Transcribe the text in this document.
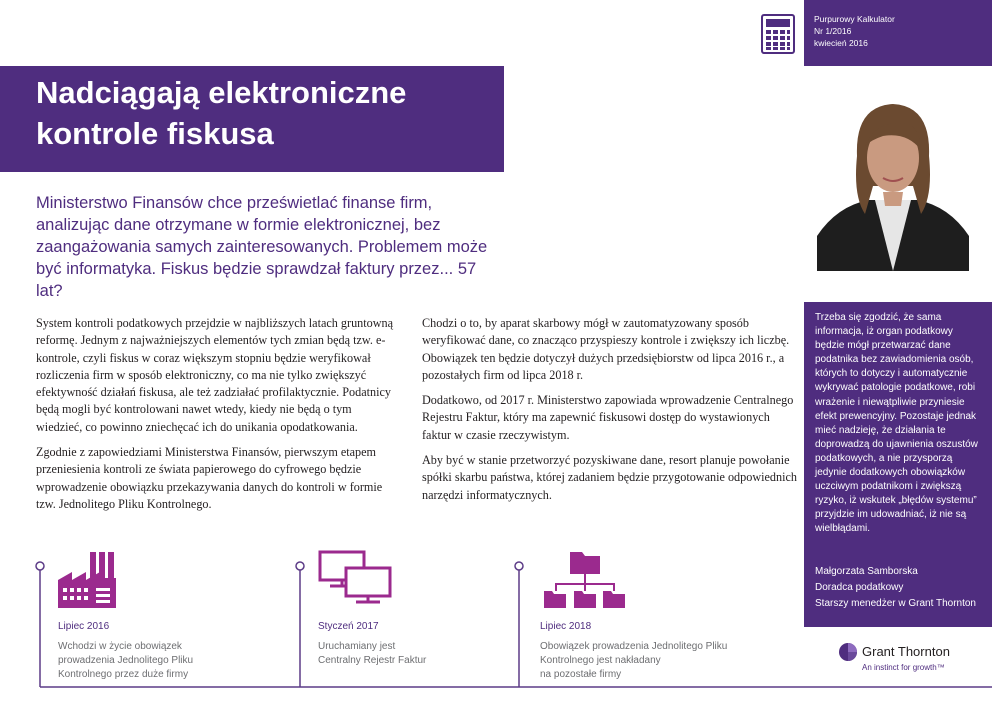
Nadciągają elektroniczne
kontrole fiskusa
Purpurowy Kalkulator
Nr 1/2016
kwiecień 2016
Ministerstwo Finansów chce prześwietlać finanse firm, analizując dane otrzymane w formie elektronicznej, bez zaangażowania samych zainteresowanych. Problemem może być informatyka. Fiskus będzie sprawdzał faktury przez... 57 lat?

System kontroli podatkowych przejdzie w najbliższych latach gruntowną reformę. Jednym z najważniejszych elementów tych zmian będą tzw. e-kontrole, czyli fiskus w coraz większym stopniu będzie weryfikował rozliczenia firm w sposób elektroniczny, co ma nie tylko zwiększyć efektywność działań fiskusa, ale też zadziałać profilaktycznie. Podatnicy będą mogli być kontrolowani nawet wtedy, kiedy nie będą o tym wiedzieć, co powinno zniechęcać ich do unikania opodatkowania.

Zgodnie z zapowiedziami Ministerstwa Finansów, pierwszym etapem przeniesienia kontroli ze świata papierowego do cyfrowego będzie wprowadzenie obowiązku przekazywania danych do kontroli w formie tzw. Jednolitego Pliku Kontrolnego.

Chodzi o to, by aparat skarbowy mógł w zautomatyzowany sposób weryfikować dane, co znacząco przyspieszy kontrole i zwiększy ich liczbę. Obowiązek ten będzie dotyczył dużych przedsiębiorstw od lipca 2016 r., a pozostałych firm od lipca 2018 r.

Dodatkowo, od 2017 r. Ministerstwo zapowiada wprowadzenie Centralnego Rejestru Faktur, który ma zapewnić fiskusowi dostęp do wystawionych faktur w czasie rzeczywistym.

Aby być w stanie przetworzyć pozyskiwane dane, resort planuje powołanie spółki skarbu państwa, której zadaniem będzie przygotowanie odpowiednich narzędzi informatycznych.

Trzeba się zgodzić, że sama informacja, iż organ podatkowy będzie mógł przetwarzać dane podatnika bez zawiadomienia osób, których to dotyczy i automatycznie wykrywać patologie podatkowe, robi wrażenie i niewątpliwie przyniesie efekt prewencyjny. Pozostaje jednak mieć nadzieję, że działania te doprowadzą do ujawnienia oszustów podatkowych, a nie przysporzą jedynie dodatkowych obowiązków uczciwym podatnikom i zwiększą ryzyko, iż wskutek „błędów systemu” przyjdzie im udowadniać, iż nie są wielbłądami.
Małgorzata Samborska
Doradca podatkowy
Starszy menedżer w Grant Thornton
Grant Thornton
An instinct for growth™
Lipiec 2016
Wchodzi w życie obowiązek
prowadzenia Jednolitego Pliku
Kontrolnego przez duże firmy
Styczeń 2017
Uruchamiany jest
Centralny Rejestr Faktur
Lipiec 2018
Obowiązek prowadzenia Jednolitego Pliku
Kontrolnego jest nakładany
na pozostałe firmy
